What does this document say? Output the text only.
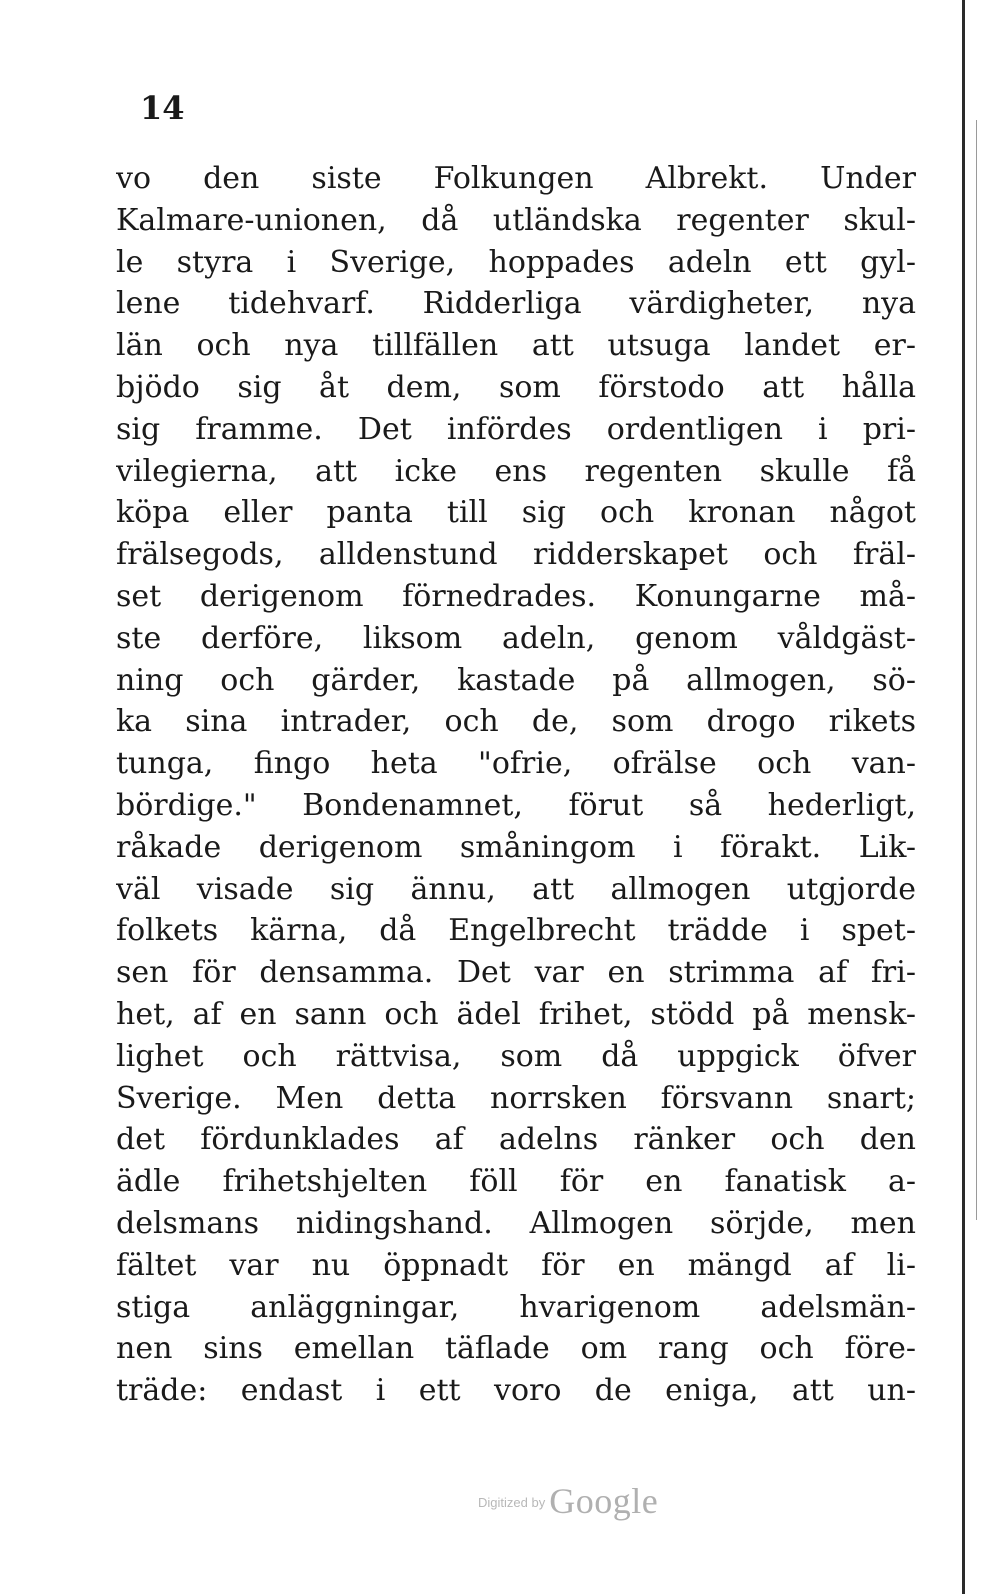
14
vo den siste Folkungen Albrekt. Under
Kalmare-unionen, då utländska regenter skul-
le styra i Sverige, hoppades adeln ett gyl-
lene tidehvarf. Ridderliga värdigheter, nya
län och nya tillfällen att utsuga landet er-
bjödo sig åt dem, som förstodo att hålla
sig framme. Det infördes ordentligen i pri-
vilegierna, att icke ens regenten skulle få
köpa eller panta till sig och kronan något
frälsegods, alldenstund ridderskapet och fräl-
set derigenom förnedrades. Konungarne må-
ste derföre, liksom adeln, genom våldgäst-
ning och gärder, kastade på allmogen, sö-
ka sina intrader, och de, som drogo rikets
tunga, fingo heta "ofrie, ofrälse och van-
bördige." Bondenamnet, förut så hederligt,
råkade derigenom småningom i förakt. Lik-
väl visade sig ännu, att allmogen utgjorde
folkets kärna, då Engelbrecht trädde i spet-
sen för densamma. Det var en strimma af fri-
het, af en sann och ädel frihet, stödd på mensk-
lighet och rättvisa, som då uppgick öfver
Sverige. Men detta norrsken försvann snart;
det fördunklades af adelns ränker och den
ädle frihetshjelten föll för en fanatisk a-
delsmans nidingshand. Allmogen sörjde, men
fältet var nu öppnadt för en mängd af li-
stiga anläggningar, hvarigenom adelsmän-
nen sins emellan täflade om rang och före-
träde: endast i ett voro de eniga, att un-
$^{Digitized by}$ Google
